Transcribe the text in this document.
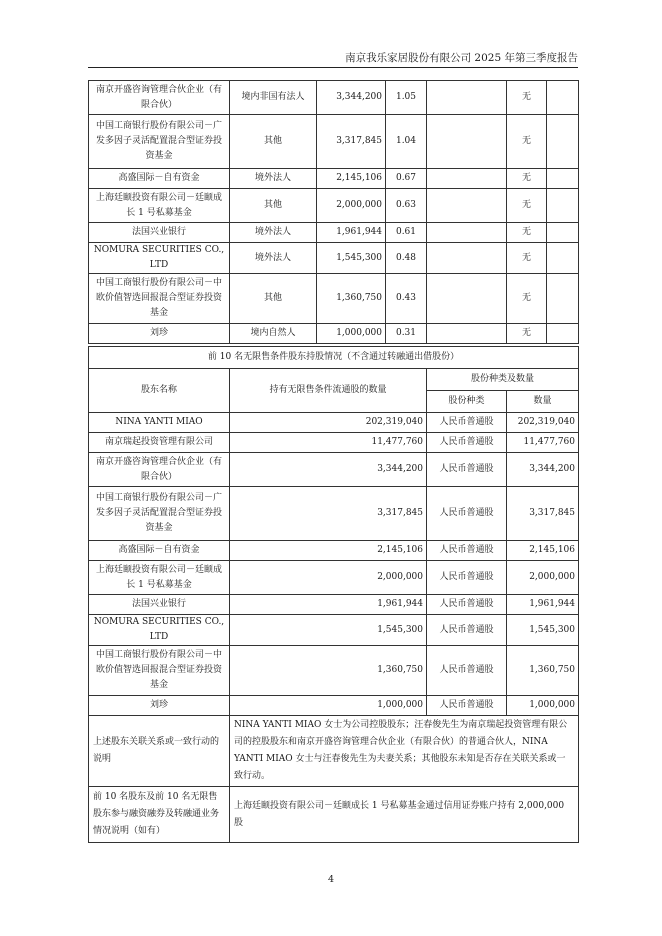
南京我乐家居股份有限公司 2025 年第三季度报告
南京开盛咨询管理合伙企业（有限合伙）	境内非国有法人	3,344,200	1.05		无	
中国工商银行股份有限公司－广发多因子灵活配置混合型证券投资基金	其他	3,317,845	1.04		无	
高盛国际－自有资金	境外法人	2,145,106	0.67		无	
上海廷颐投资有限公司－廷颐成长 1 号私募基金	其他	2,000,000	0.63		无	
法国兴业银行	境外法人	1,961,944	0.61		无	
NOMURA SECURITIES CO., LTD	境外法人	1,545,300	0.48		无	
中国工商银行股份有限公司－中欧价值智选回报混合型证券投资基金	其他	1,360,750	0.43		无	
刘珍	境内自然人	1,000,000	0.31		无	
前 10 名无限售条件股东持股情况（不含通过转融通出借股份）			
股东名称	持有无限售条件流通股的数量	股份种类及数量	
		股份种类	数量
NINA YANTI MIAO	202,319,040	人民币普通股	202,319,040
南京瑞起投资管理有限公司	11,477,760	人民币普通股	11,477,760
南京开盛咨询管理合伙企业（有限合伙）	3,344,200	人民币普通股	3,344,200
中国工商银行股份有限公司－广发多因子灵活配置混合型证券投资基金	3,317,845	人民币普通股	3,317,845
高盛国际－自有资金	2,145,106	人民币普通股	2,145,106
上海廷颐投资有限公司－廷颐成长 1 号私募基金	2,000,000	人民币普通股	2,000,000
法国兴业银行	1,961,944	人民币普通股	1,961,944
NOMURA SECURITIES CO., LTD	1,545,300	人民币普通股	1,545,300
中国工商银行股份有限公司－中欧价值智选回报混合型证券投资基金	1,360,750	人民币普通股	1,360,750
刘珍	1,000,000	人民币普通股	1,000,000
上述股东关联关系或一致行动的说明	NINA YANTI MIAO 女士为公司控股股东；汪春俊先生为南京瑞起投资管理有限公司的控股股东和南京开盛咨询管理合伙企业（有限合伙）的普通合伙人，NINA YANTI MIAO 女士与汪春俊先生为夫妻关系；其他股东未知是否存在关联关系或一致行动。		
前 10 名股东及前 10 名无限售股东参与融资融券及转融通业务情况说明（如有）	上海廷颐投资有限公司－廷颐成长 1 号私募基金通过信用证券账户持有 2,000,000 股		
4
